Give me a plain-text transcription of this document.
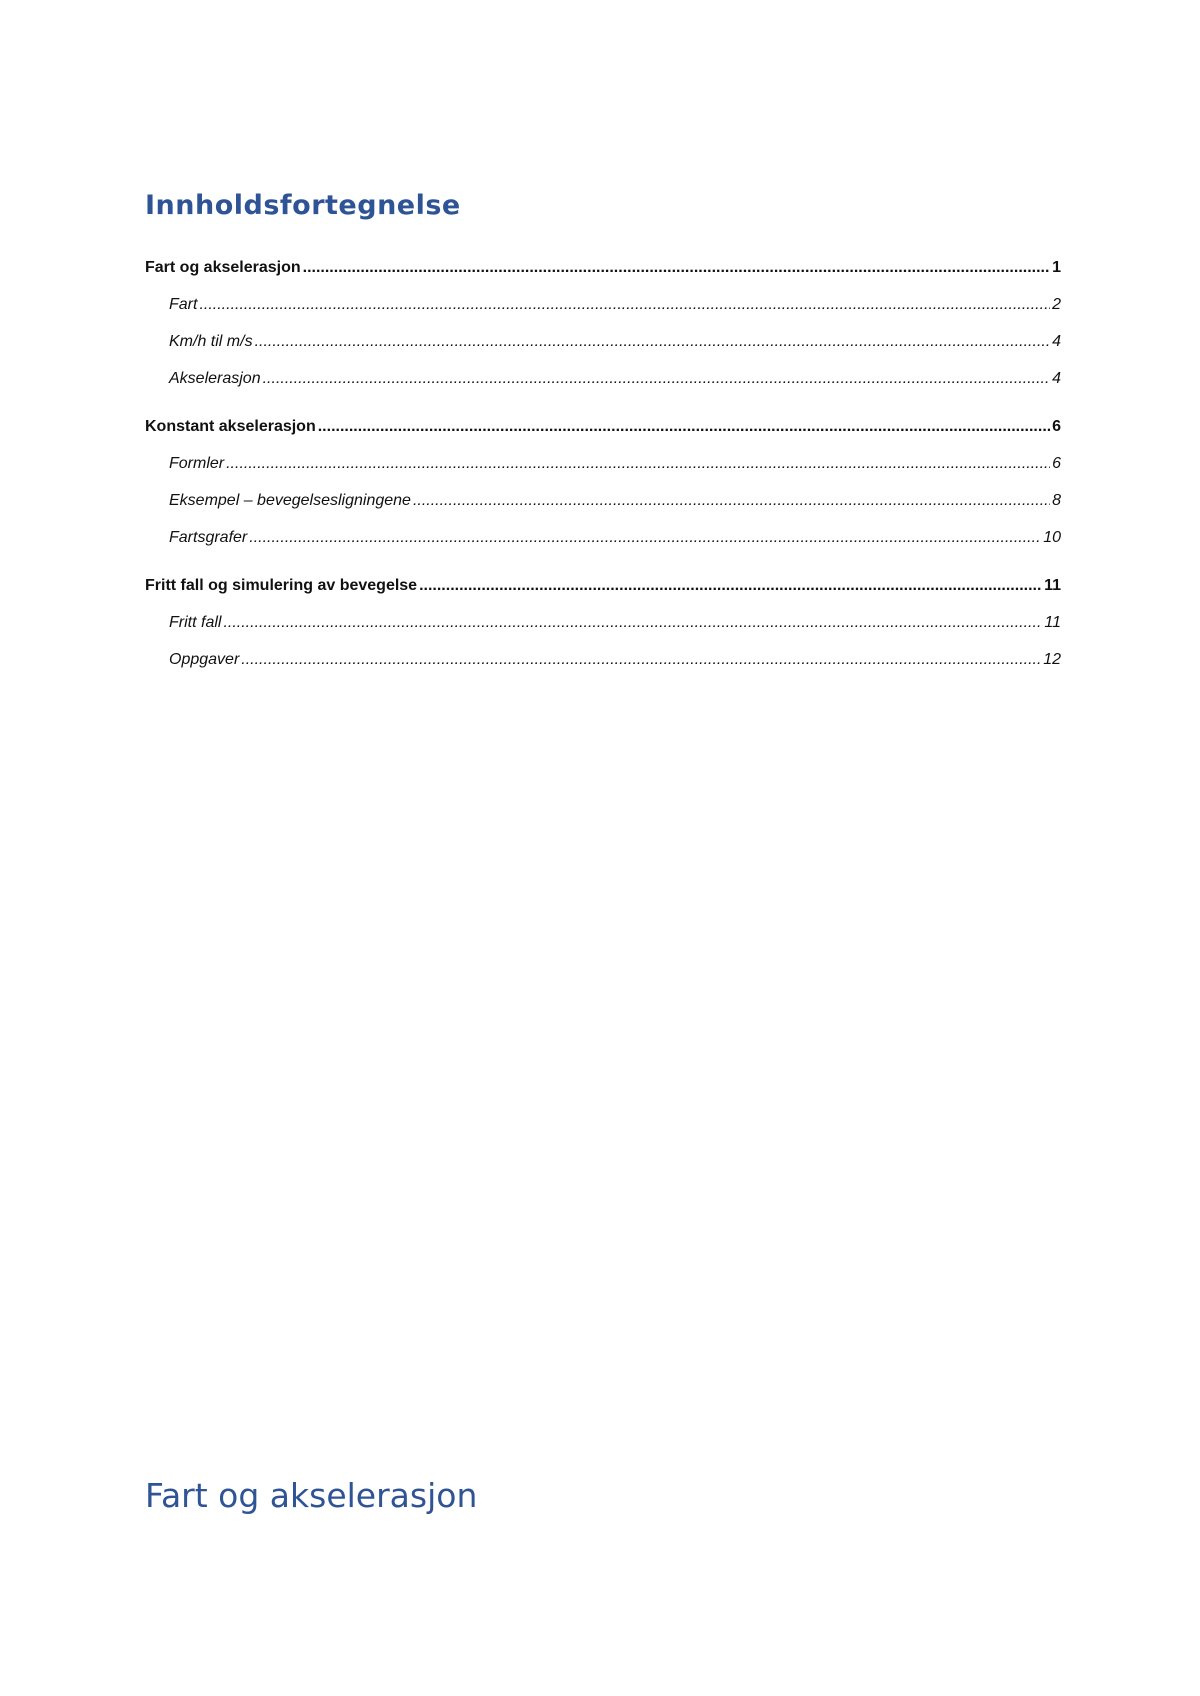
Innholdsfortegnelse
Fart og akselerasjon .....	1
Fart .....	2
Km/h til m/s .....	4
Akselerasjon .....	4
Konstant akselerasjon .....	6
Formler .....	6
Eksempel – bevegelsesligningene .....	8
Fartsgrafer .....	10
Fritt fall og simulering av bevegelse .....	11
Fritt fall .....	11
Oppgaver .....	12
Fart og akselerasjon
